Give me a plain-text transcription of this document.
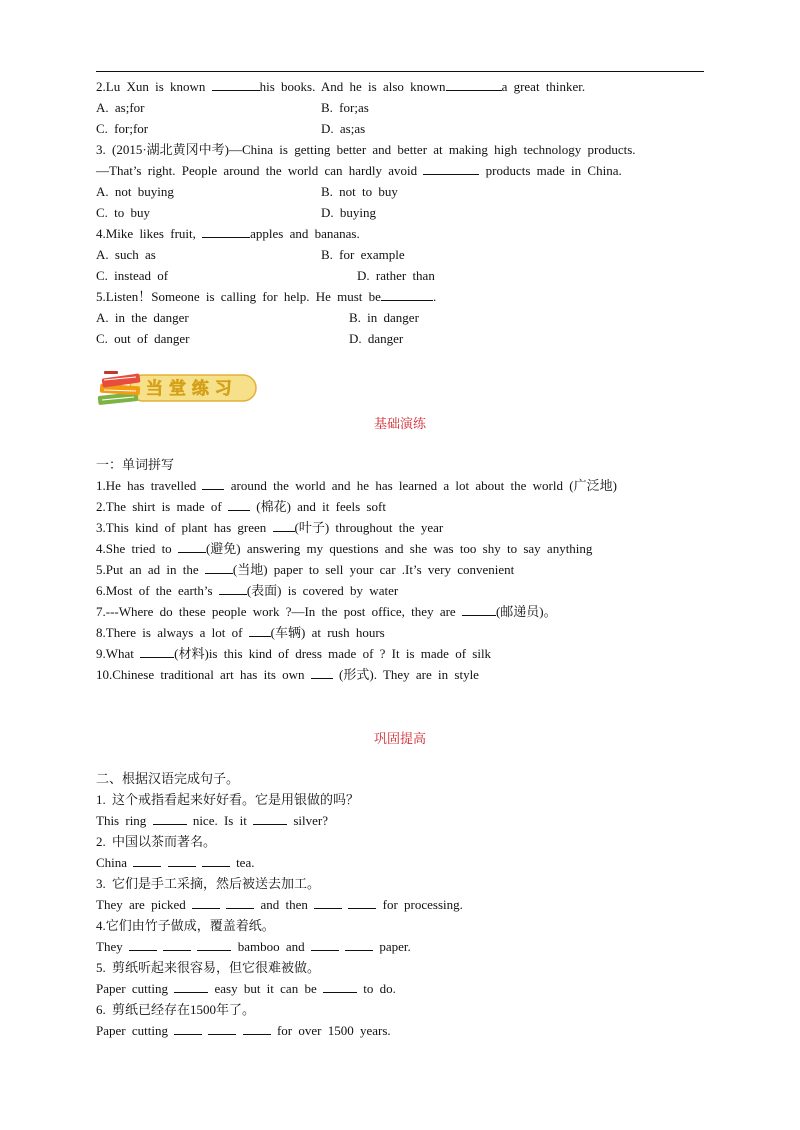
2.Lu Xun is known	his books. And he is also known	a great thinker.
A. as;for	B. for;as
C. for;for	D. as;as
3. (2015·湖北黄冈中考)—China is getting better and better at making high technology products.
—That’s right. People around the world can hardly avoid	products made in China.
A. not buying	B. not to buy
C. to buy	D. buying
4.Mike likes fruit,	apples and bananas.
A. such as	B. for example
C. instead of	D. rather than
5.Listen！Someone is calling for help. He must be	.
A. in the danger	B. in danger
C. out of danger	D. danger
当 堂 练 习
基础演练
一：单词拼写
1.He has travelled  around the world and he has learned a lot about the world (广泛地)
2.The shirt is made of  (棉花) and it feels soft
3.This kind of plant has green (叶子) throughout the year
4.She tried to (避免) answering my questions and she was too shy to say anything
5.Put an ad in the (当地) paper to sell your car .It’s very convenient
6.Most of the earth’s (表面) is covered by water
7.---Where do these people work ?—In the post office, they are	(邮递员)。
8.There is always a lot of (车辆) at rush hours
9.What	(材料)is this kind of dress made of ? It is made of silk
10.Chinese traditional art has its own  (形式). They are in style
巩固提高
二、根据汉语完成句子。
1. 这个戒指看起来好好看。它是用银做的吗？
This ring	nice. Is it	silver?
2. 中国以茶而著名。
China	tea.
3. 它们是手工采摘，然后被送去加工。
They are picked	and then	for processing.
4.它们由竹子做成，覆盖着纸。
They	bamboo and	paper.
5. 剪纸听起来很容易，但它很难被做。
Paper cutting	easy but it can be	to do.
6. 剪纸已经存在1500年了。
Paper cutting	for over 1500 years.
